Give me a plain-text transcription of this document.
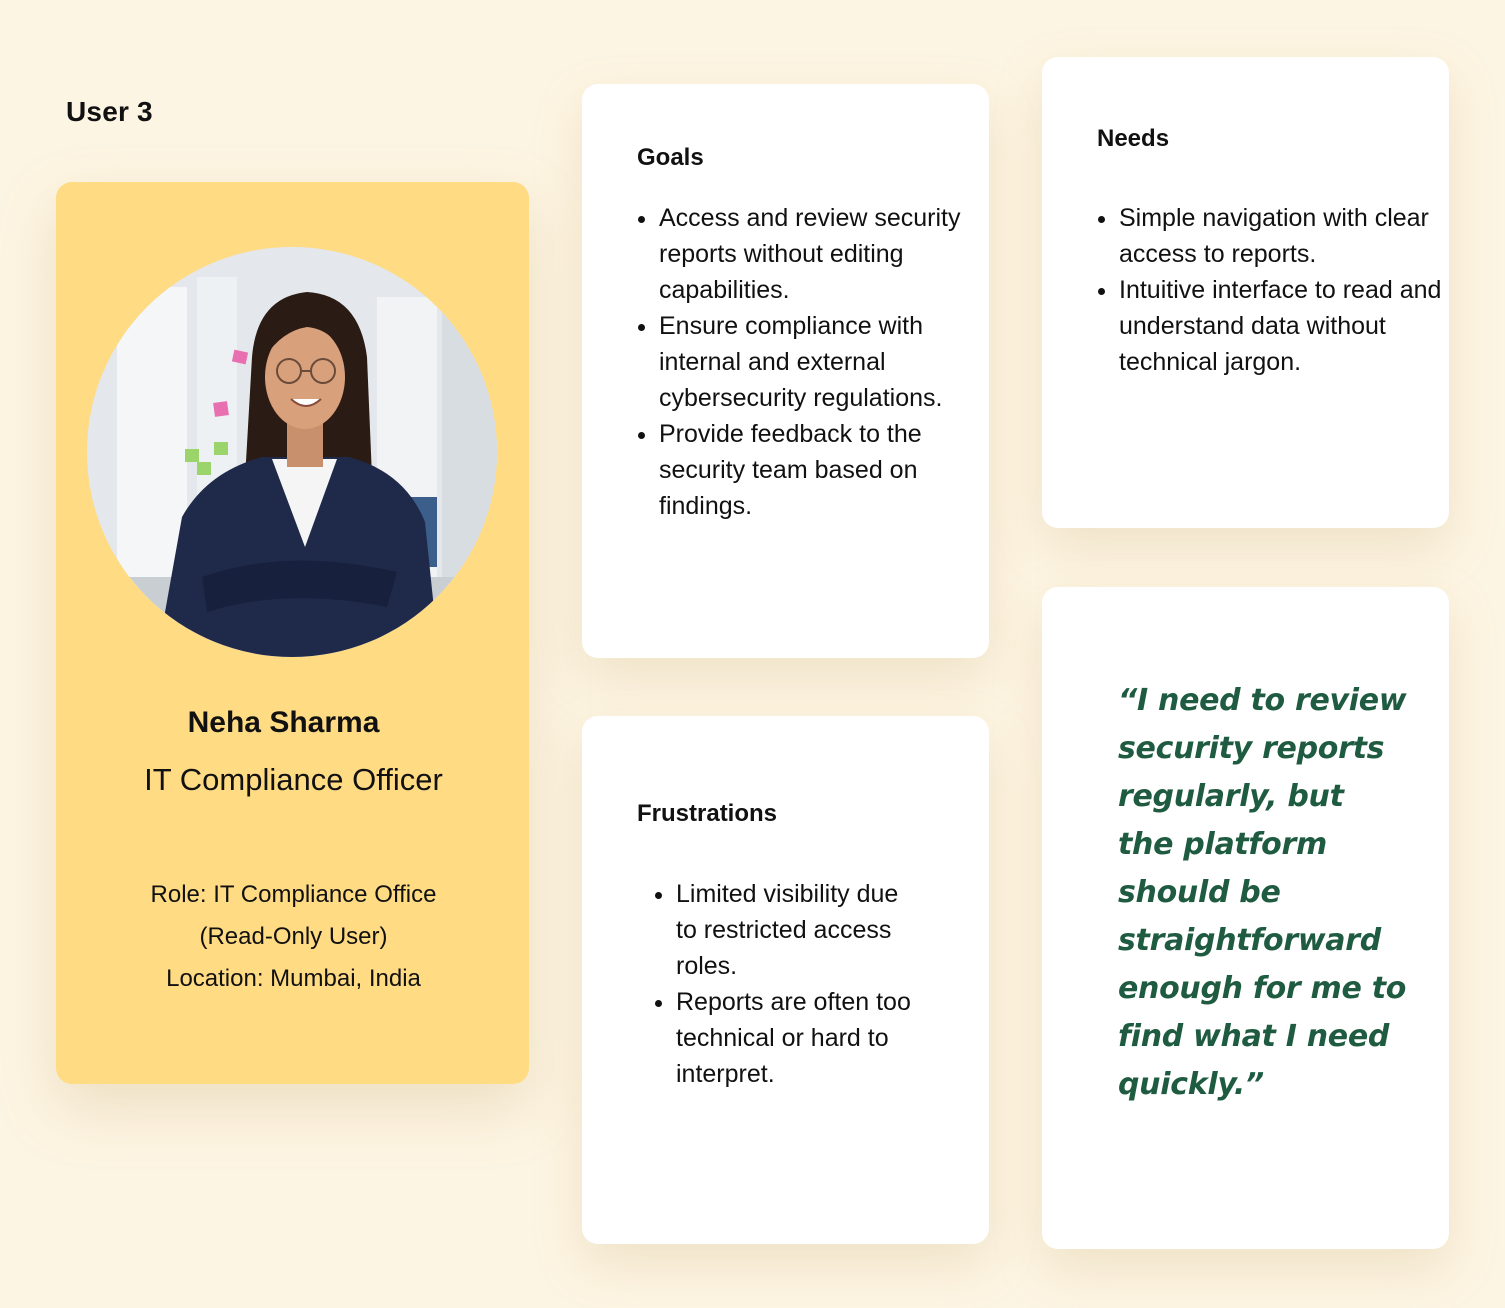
User 3
Neha Sharma
IT Compliance Officer
Role: IT Compliance Office
(Read-Only User)
Location: Mumbai, India
Goals
• Access and review security reports without editing capabilities.
• Ensure compliance with internal and external cybersecurity regulations.
• Provide feedback to the security team based on findings.
Needs
• Simple navigation with clear access to reports.
• Intuitive interface to read and understand data without technical jargon.
Frustrations
• Limited visibility due to restricted access roles.
• Reports are often too technical or hard to interpret.
“I need to review security reports regularly, but the platform should be straightforward enough for me to find what I need quickly.”
